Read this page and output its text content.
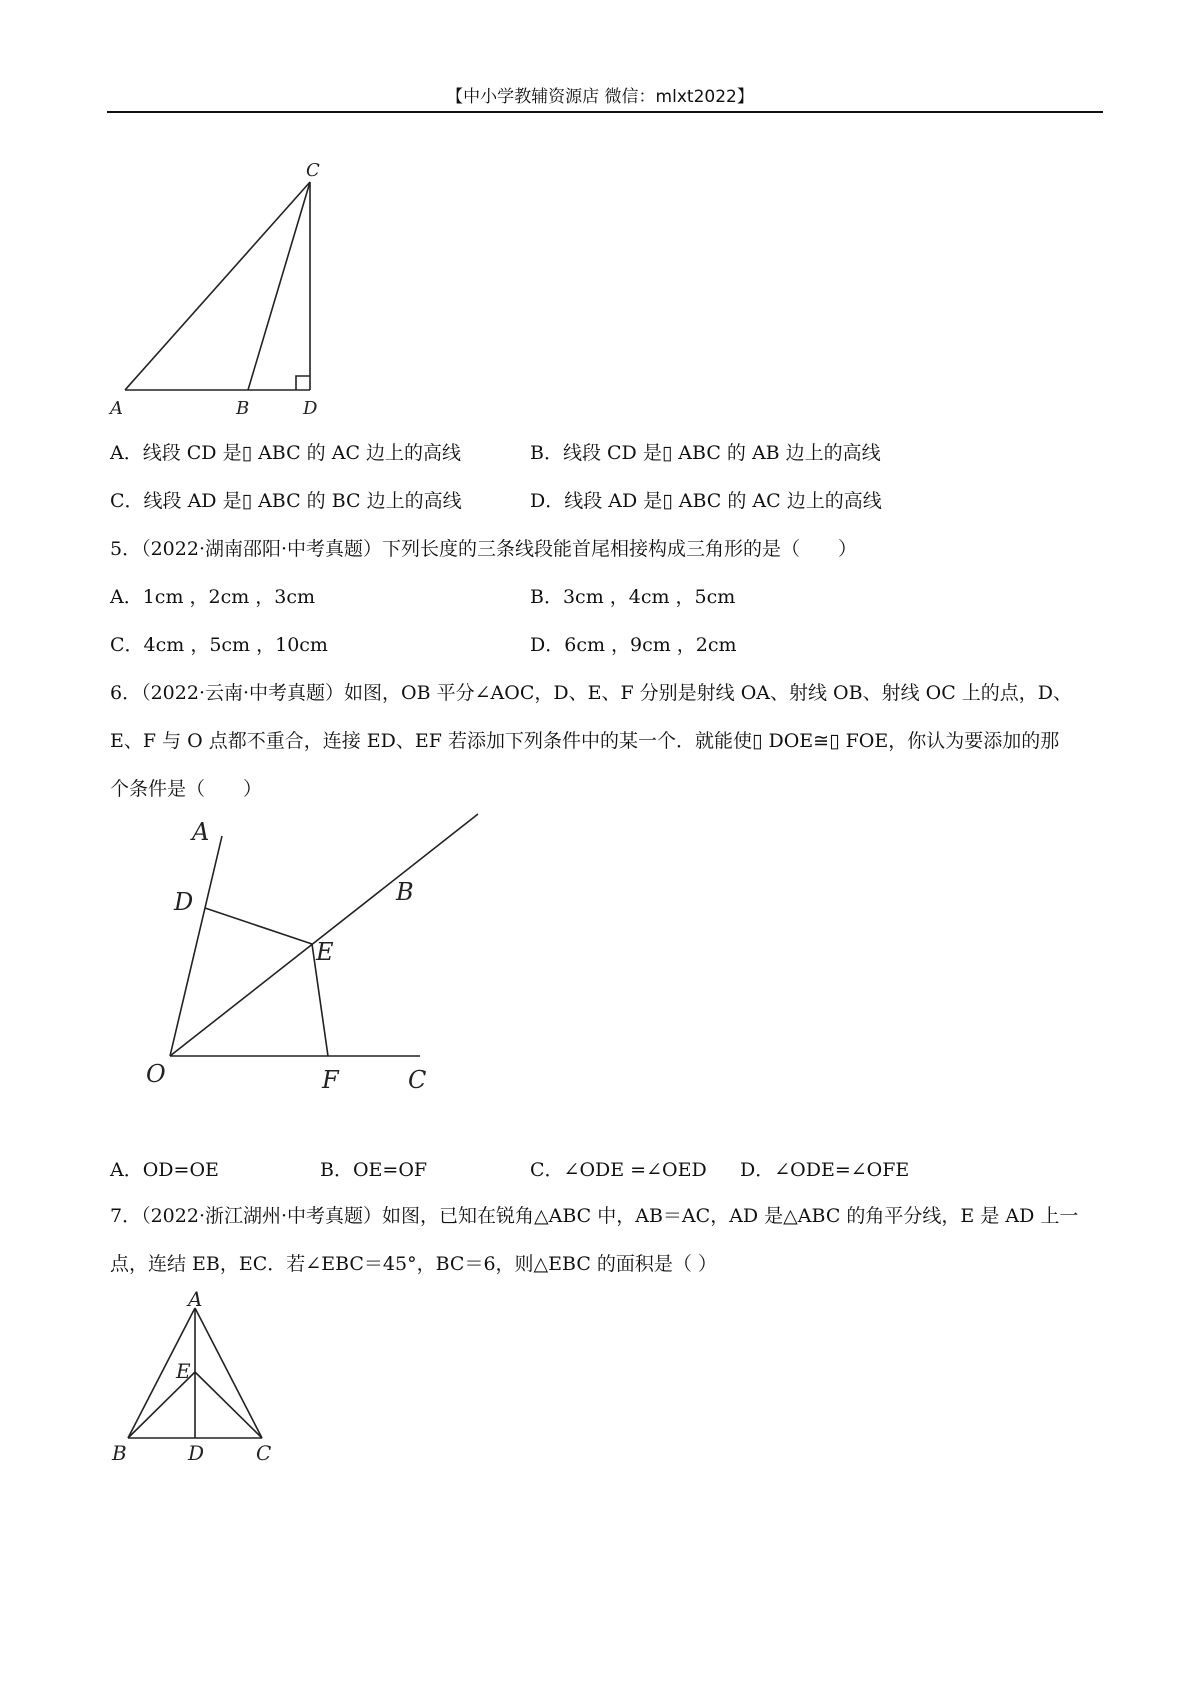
【中小学教辅资源店 微信：mlxt2022】
C
A	B	D
A．线段 CD 是▯ ABC 的 AC 边上的高线	B．线段 CD 是▯ ABC 的 AB 边上的高线
C．线段 AD 是▯ ABC 的 BC 边上的高线	D．线段 AD 是▯ ABC 的 AC 边上的高线
5．（2022·湖南邵阳·中考真题）下列长度的三条线段能首尾相接构成三角形的是（　　）
A．1cm ，2cm ，3cm	B．3cm ，4cm ，5cm
C．4cm ，5cm ，10cm	D．6cm ，9cm ，2cm
6．（2022·云南·中考真题）如图，OB 平分∠AOC，D、E、F 分别是射线 OA、射线 OB、射线 OC 上的点，D、
E、F 与 O 点都不重合，连接 ED、EF 若添加下列条件中的某一个．就能使▯ DOE≅▯ FOE，你认为要添加的那
个条件是（　　）
A
D	B
E
O	F	C
A．OD=OE	B．OE=OF	C．∠ODE =∠OED D．∠ODE=∠OFE
7．（2022·浙江湖州·中考真题）如图，已知在锐角△ABC 中，AB＝AC，AD 是△ABC 的角平分线，E 是 AD 上一
点，连结 EB，EC．若∠EBC＝45°，BC＝6，则△EBC 的面积是（ ）
A
E
B	D	C
